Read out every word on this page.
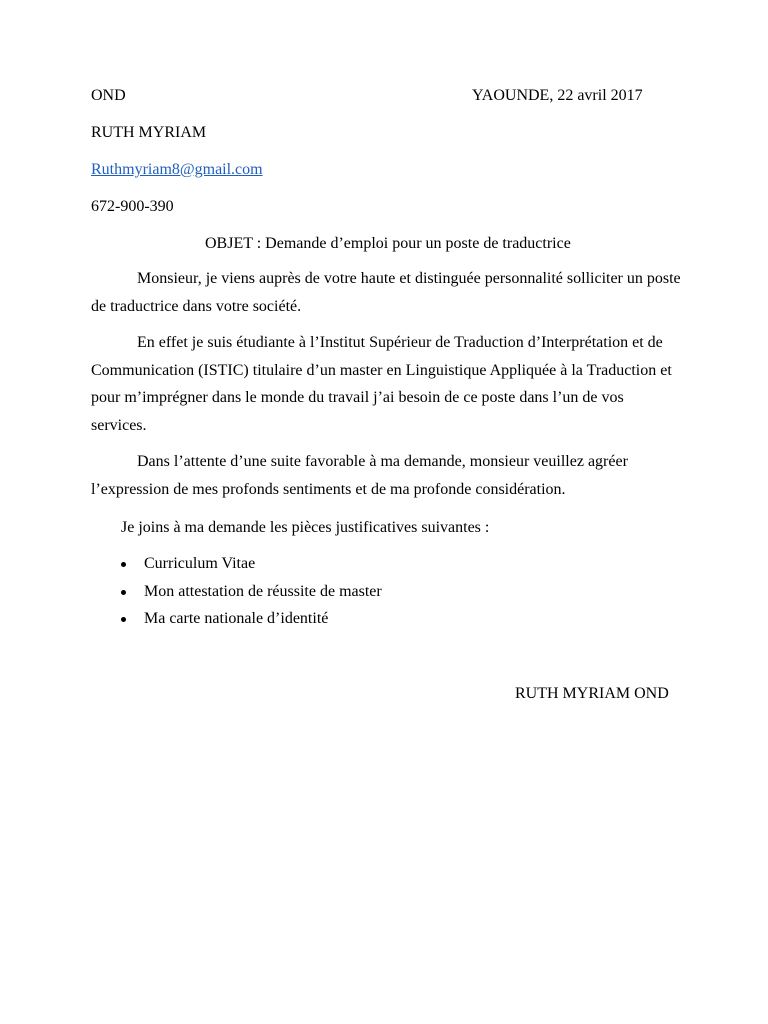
OND	YAOUNDE, 22 avril 2017
RUTH MYRIAM
Ruthmyriam8@gmail.com
672-900-390
OBJET : Demande d’emploi pour un poste de traductrice
Monsieur, je viens auprès de votre haute et distinguée personnalité solliciter un poste de traductrice dans votre société.
En effet je suis étudiante à l’Institut Supérieur de Traduction d’Interprétation et de Communication (ISTIC) titulaire d’un master en Linguistique Appliquée à la Traduction et pour m’imprégner dans le monde du travail j’ai besoin de ce poste dans l’un de vos services.
Dans l’attente d’une suite favorable à ma demande, monsieur veuillez agréer l’expression de mes profonds sentiments et de ma profonde considération.
Je joins à ma demande les pièces justificatives suivantes :
Curriculum Vitae
Mon attestation de réussite de master
Ma carte nationale d’identité
RUTH MYRIAM OND
